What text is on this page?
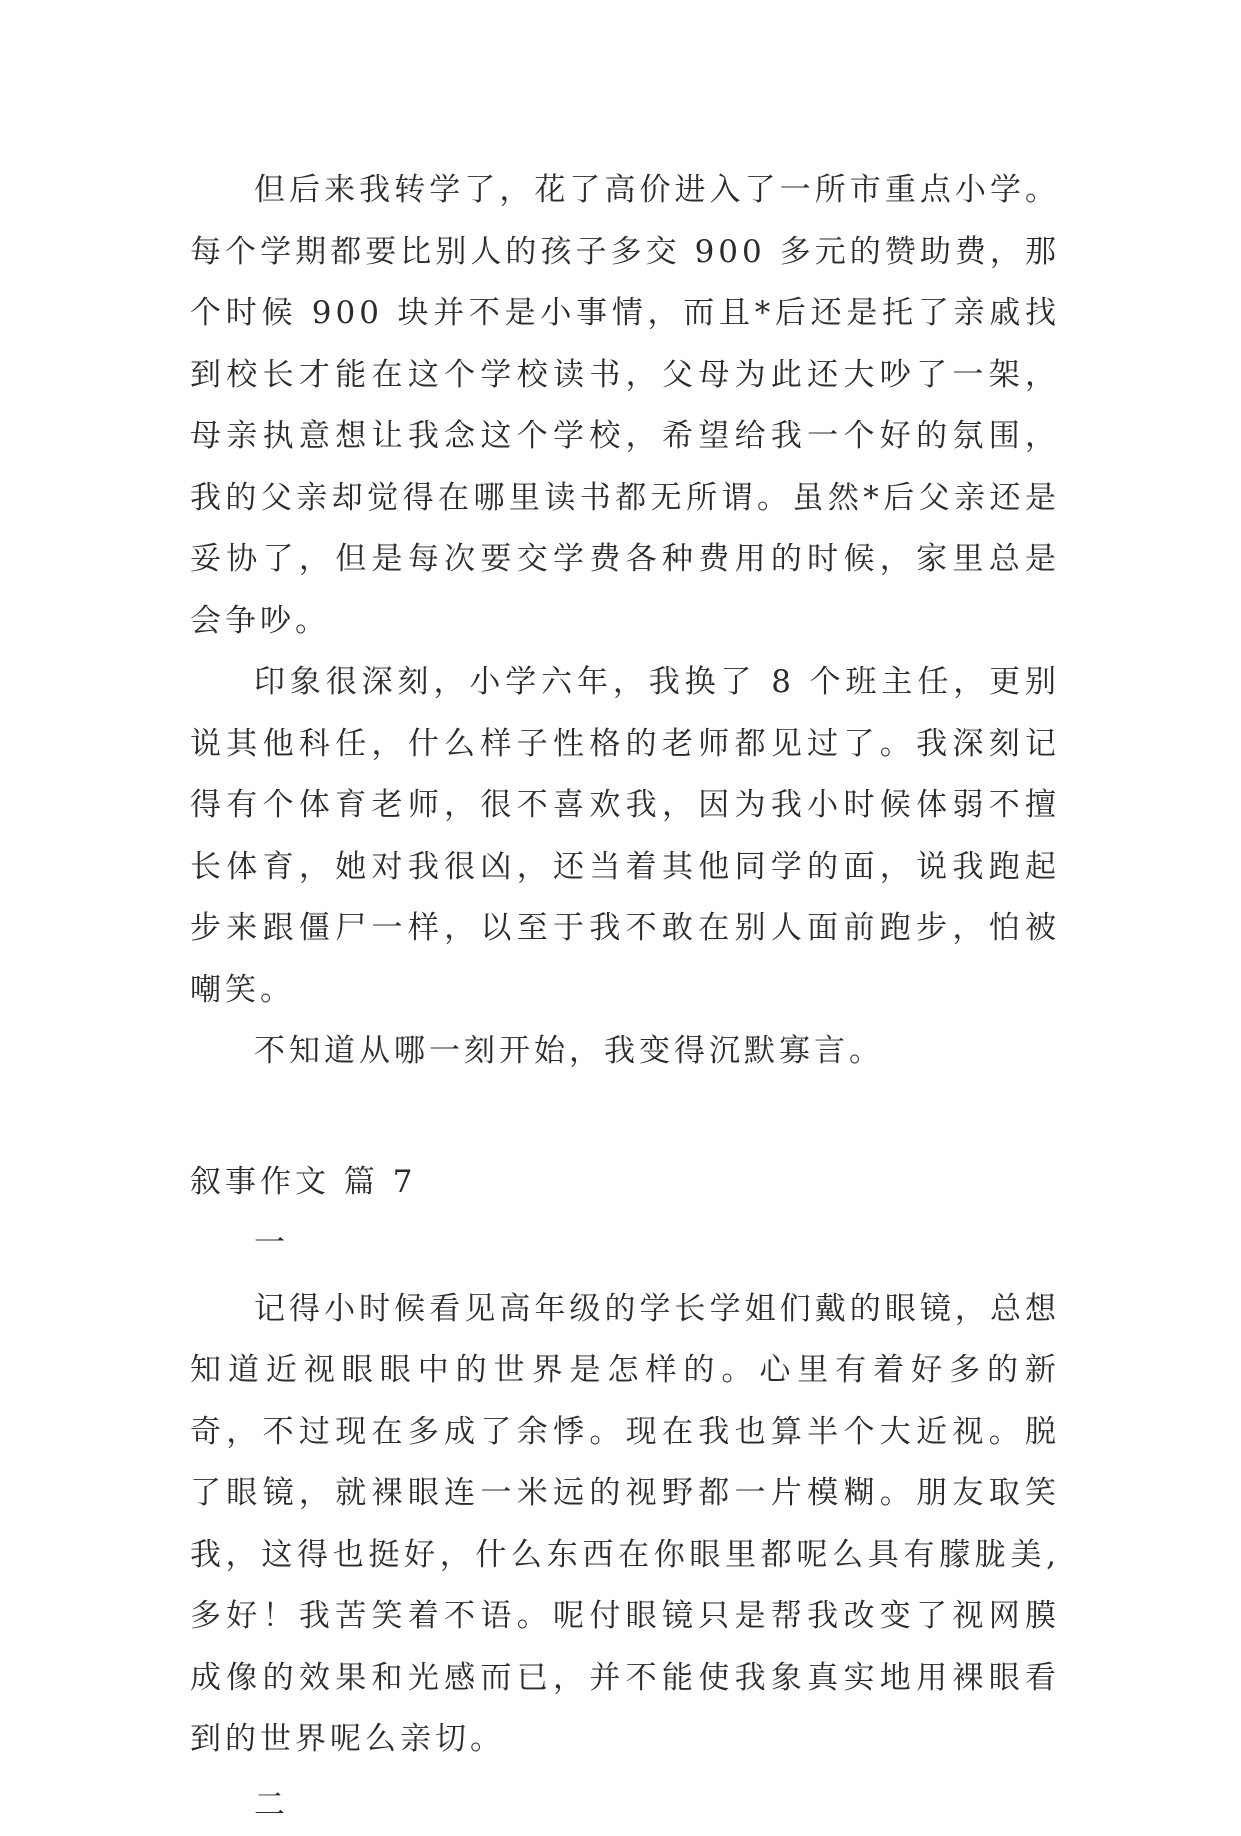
但后来我转学了，花了高价进入了一所市重点小学。每个学期都要比别人的孩子多交 900 多元的赞助费，那个时候 900 块并不是小事情，而且*后还是托了亲戚找到校长才能在这个学校读书，父母为此还大吵了一架，母亲执意想让我念这个学校，希望给我一个好的氛围，我的父亲却觉得在哪里读书都无所谓。虽然*后父亲还是妥协了，但是每次要交学费各种费用的时候，家里总是会争吵。

印象很深刻，小学六年，我换了 8 个班主任，更别说其他科任，什么样子性格的老师都见过了。我深刻记得有个体育老师，很不喜欢我，因为我小时候体弱不擅长体育，她对我很凶，还当着其他同学的面，说我跑起步来跟僵尸一样，以至于我不敢在别人面前跑步，怕被嘲笑。

不知道从哪一刻开始，我变得沉默寡言。

叙事作文 篇 7

一

记得小时候看见高年级的学长学姐们戴的眼镜，总想知道近视眼眼中的世界是怎样的。心里有着好多的新奇，不过现在多成了余悸。现在我也算半个大近视。脱了眼镜，就裸眼连一米远的视野都一片模糊。朋友取笑我，这得也挺好，什么东西在你眼里都呢么具有朦胧美,多好！我苦笑着不语。呢付眼镜只是帮我改变了视网膜成像的效果和光感而已，并不能使我象真实地用裸眼看到的世界呢么亲切。

二
